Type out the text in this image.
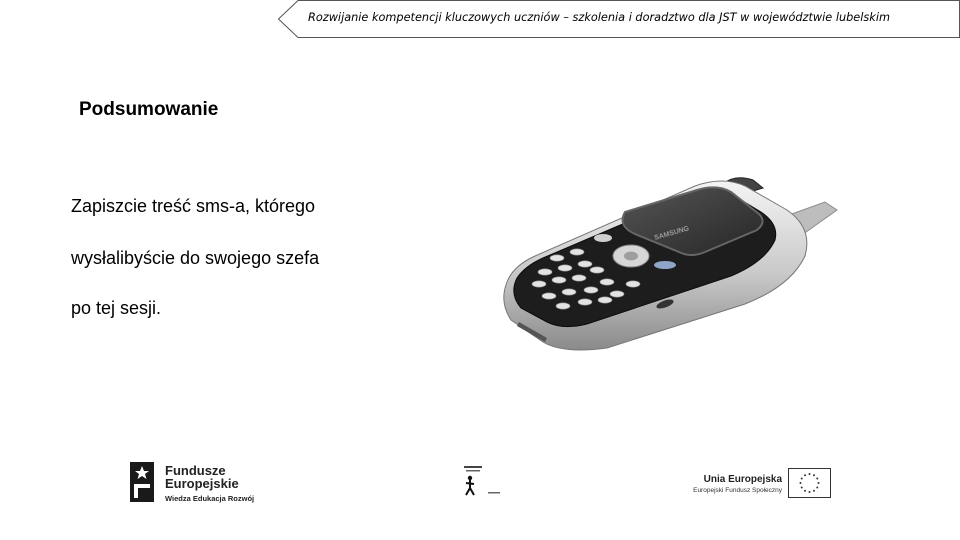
Rozwijanie kompetencji kluczowych uczniów – szkolenia i doradztwo dla JST w województwie lubelskim
Podsumowanie
Zapiszcie treść sms-a, którego
wysłalibyście do swojego szefa
po tej sesji.
SAMSUNG
Fundusze
Europejskie
Wiedza Edukacja Rozwój
Unia Europejska
Europejski Fundusz Społeczny
